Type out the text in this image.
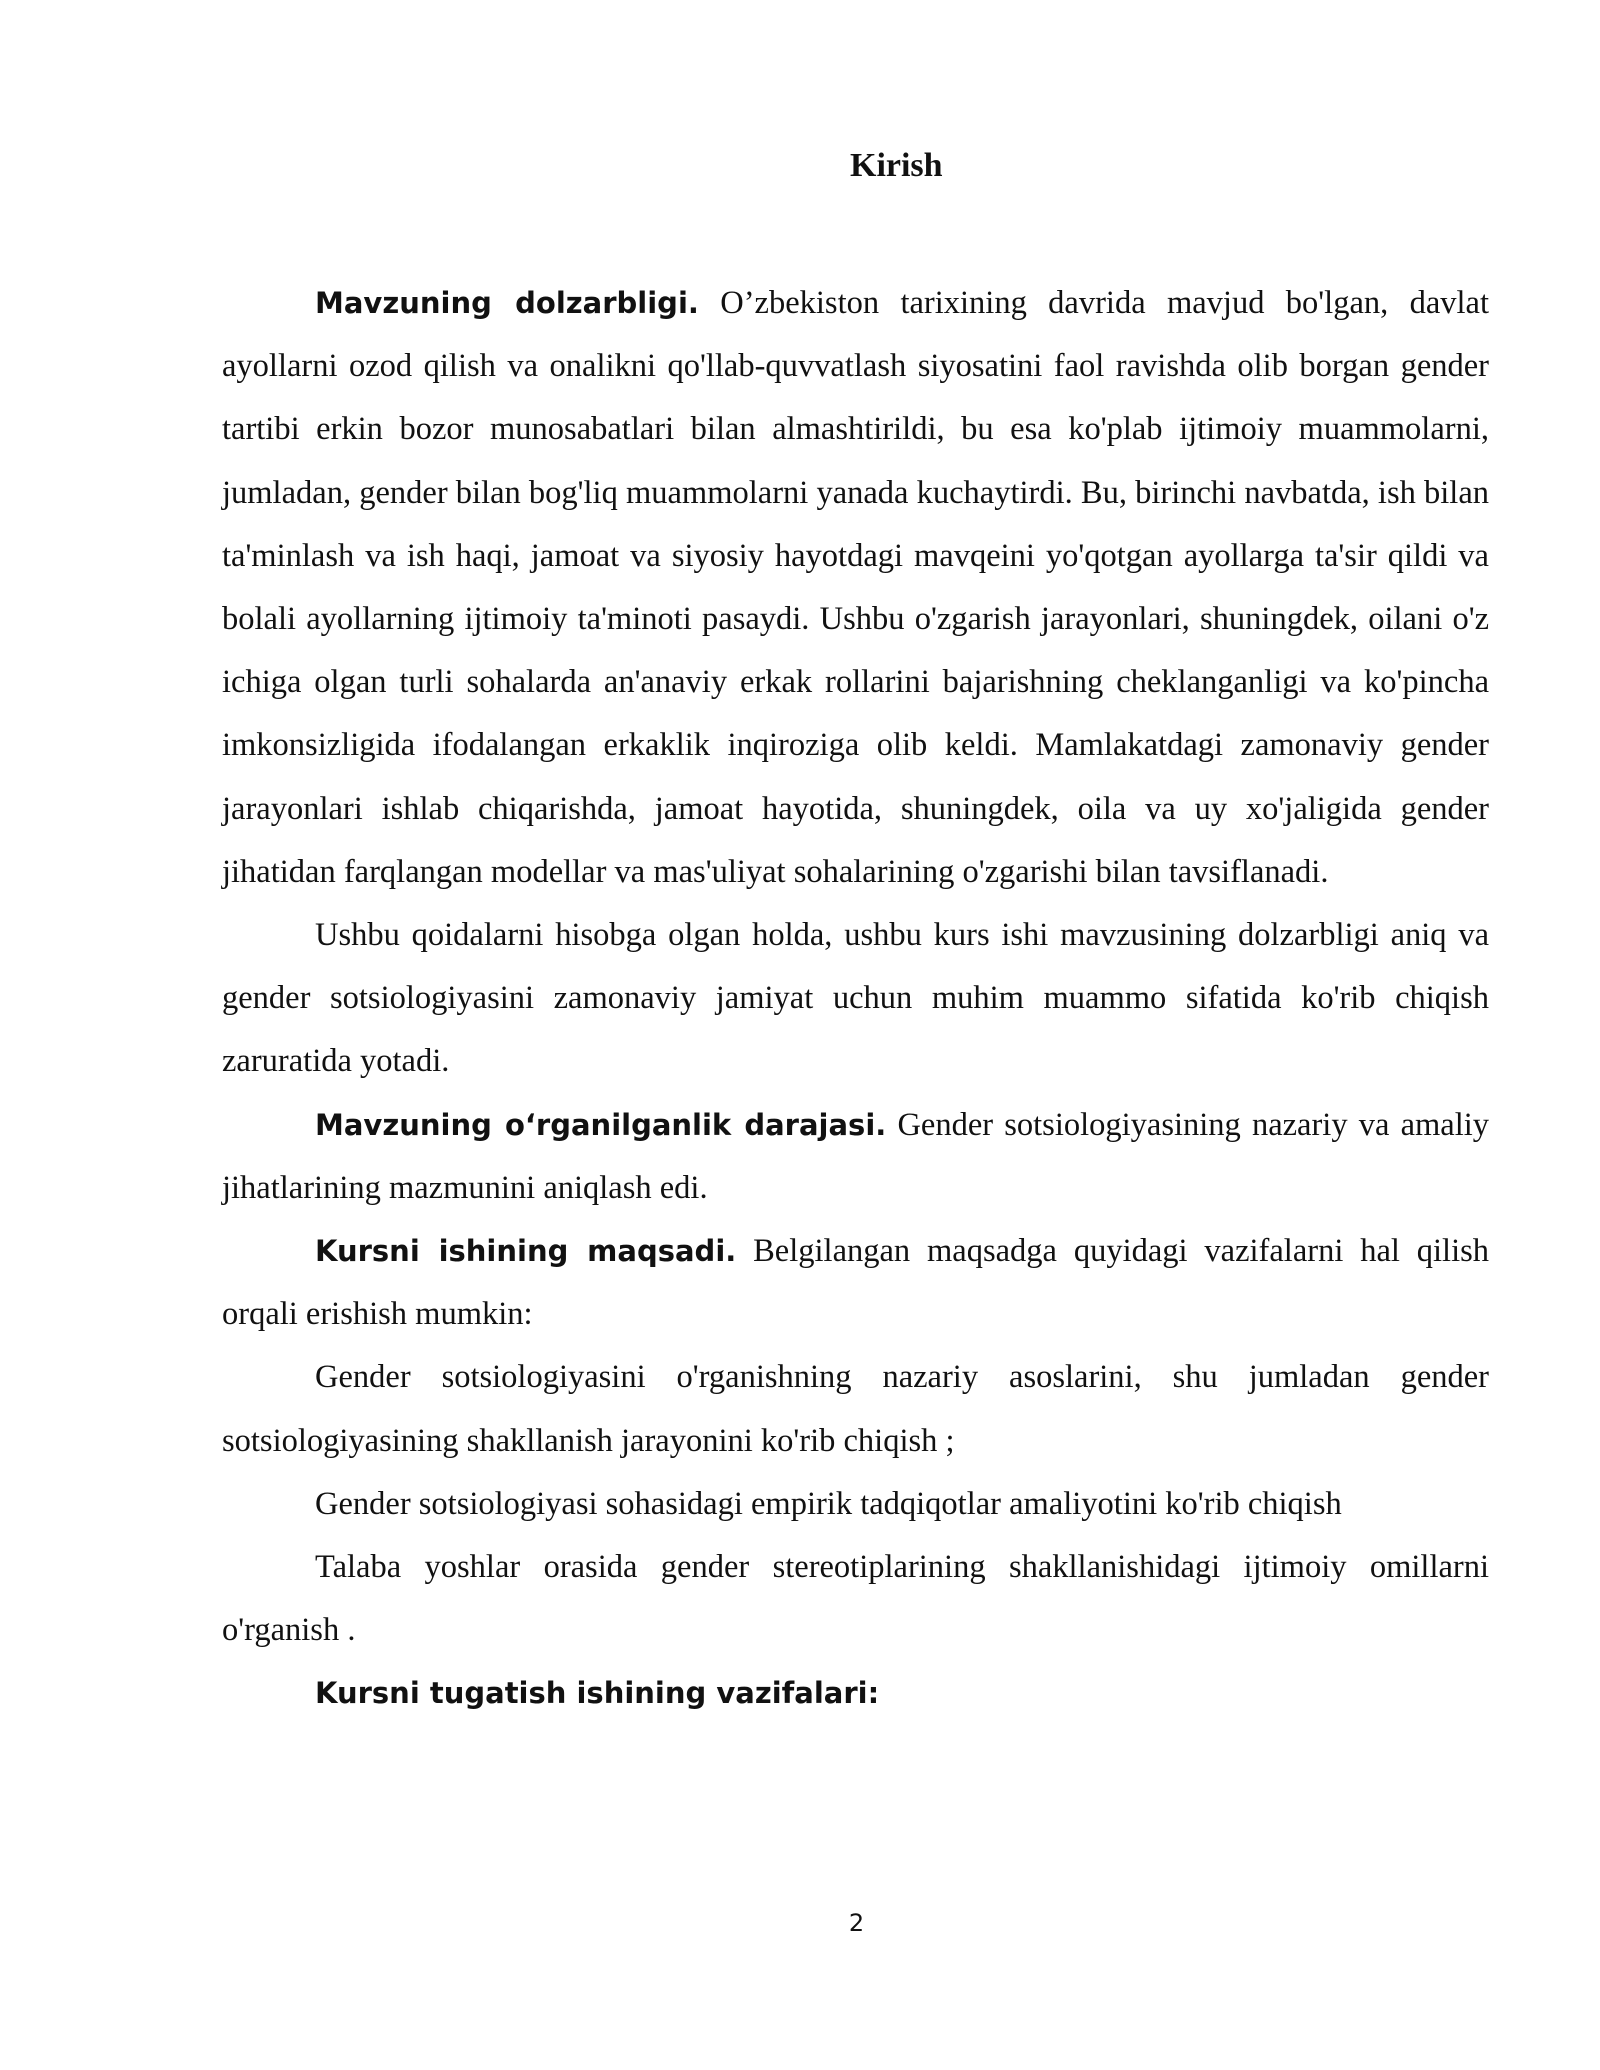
Kirish

Mavzuning dolzarbligi. O’zbekiston tarixining davrida mavjud bo'lgan, davlat ayollarni ozod qilish va onalikni qo'llab-quvvatlash siyosatini faol ravishda olib borgan gender tartibi erkin bozor munosabatlari bilan almashtirildi, bu esa ko'plab ijtimoiy muammolarni, jumladan, gender bilan bog'liq muammolarni yanada kuchaytirdi. Bu, birinchi navbatda, ish bilan ta'minlash va ish haqi, jamoat va siyosiy hayotdagi mavqeini yo'qotgan ayollarga ta'sir qildi va bolali ayollarning ijtimoiy ta'minoti pasaydi. Ushbu o'zgarish jarayonlari, shuningdek, oilani o'z ichiga olgan turli sohalarda an'anaviy erkak rollarini bajarishning cheklanganligi va ko'pincha imkonsizligida ifodalangan erkaklik inqiroziga olib keldi. Mamlakatdagi zamonaviy gender jarayonlari ishlab chiqarishda, jamoat hayotida, shuningdek, oila va uy xo'jaligida gender jihatidan farqlangan modellar va mas'uliyat sohalarining o'zgarishi bilan tavsiflanadi.

Ushbu qoidalarni hisobga olgan holda, ushbu kurs ishi mavzusining dolzarbligi aniq va gender sotsiologiyasini zamonaviy jamiyat uchun muhim muammo sifatida ko'rib chiqish zaruratida yotadi.

Mavzuning oʻrganilganlik darajasi. Gender sotsiologiyasining nazariy va amaliy jihatlarining mazmunini aniqlash edi.

Kursni ishining maqsadi. Belgilangan maqsadga quyidagi vazifalarni hal qilish orqali erishish mumkin:

Gender sotsiologiyasini o'rganishning nazariy asoslarini, shu jumladan gender sotsiologiyasining shakllanish jarayonini ko'rib chiqish ;

Gender sotsiologiyasi sohasidagi empirik tadqiqotlar amaliyotini ko'rib chiqish

Talaba yoshlar orasida gender stereotiplarining shakllanishidagi ijtimoiy omillarni o'rganish .

Kursni tugatish ishining vazifalari:

2
